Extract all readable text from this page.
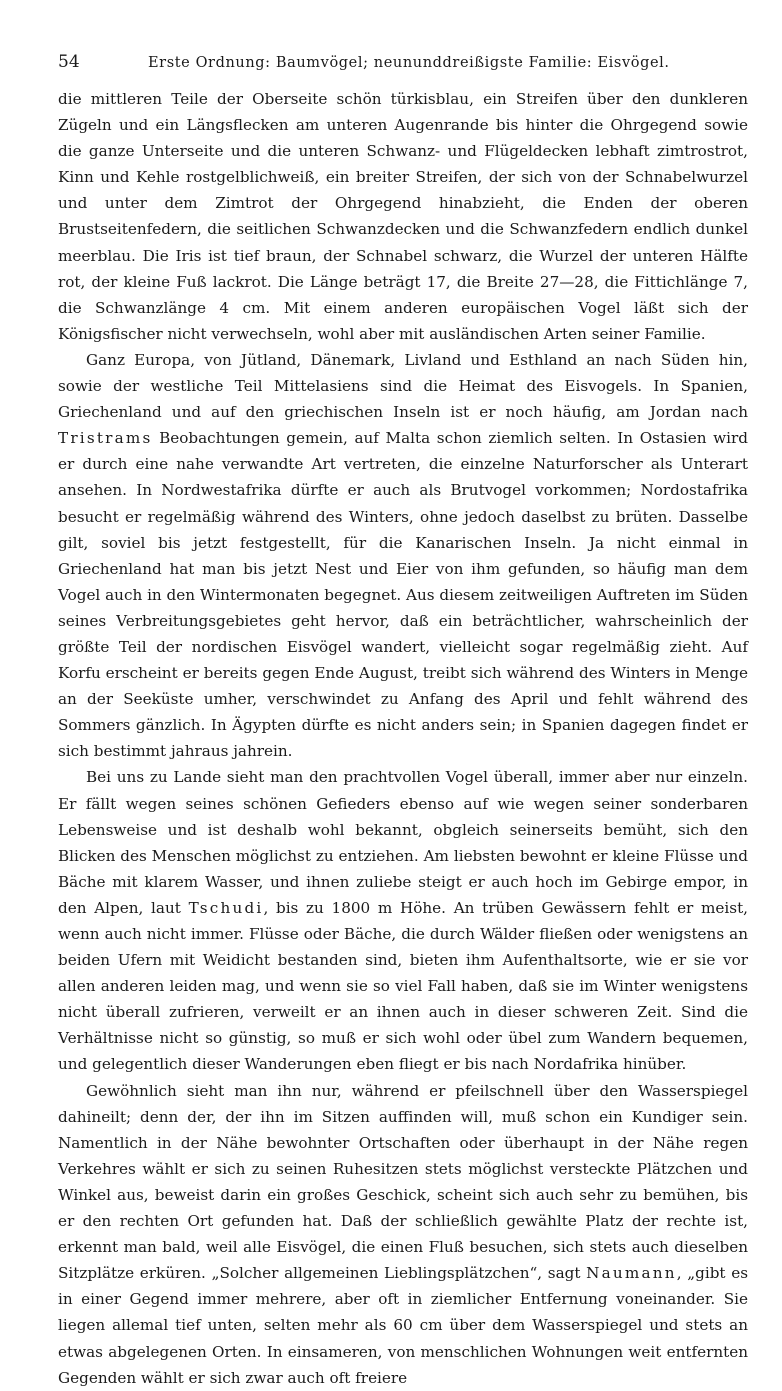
54	Erste Ordnung: Baumvögel; neununddreißigste Familie: Eisvögel.

die mittleren Teile der Oberseite schön türkisblau, ein Streifen über den dunkleren Zügeln und ein Längsflecken am unteren Augenrande bis hinter die Ohrgegend sowie die ganze Unterseite und die unteren Schwanz- und Flügeldecken lebhaft zimtrostrot, Kinn und Kehle rostgelblichweiß, ein breiter Streifen, der sich von der Schnabelwurzel und unter dem Zimtrot der Ohrgegend hinabzieht, die Enden der oberen Brustseitenfedern, die seitlichen Schwanzdecken und die Schwanzfedern endlich dunkel meerblau. Die Iris ist tief braun, der Schnabel schwarz, die Wurzel der unteren Hälfte rot, der kleine Fuß lackrot. Die Länge beträgt 17, die Breite 27—28, die Fittichlänge 7, die Schwanzlänge 4 cm. Mit einem anderen europäischen Vogel läßt sich der Königsfischer nicht verwechseln, wohl aber mit ausländischen Arten seiner Familie.

Ganz Europa, von Jütland, Dänemark, Livland und Esthland an nach Süden hin, sowie der westliche Teil Mittelasiens sind die Heimat des Eisvogels. In Spanien, Griechenland und auf den griechischen Inseln ist er noch häufig, am Jordan nach Tristrams Beobachtungen gemein, auf Malta schon ziemlich selten. In Ostasien wird er durch eine nahe verwandte Art vertreten, die einzelne Naturforscher als Unterart ansehen. In Nordwestafrika dürfte er auch als Brutvogel vorkommen; Nordostafrika besucht er regelmäßig während des Winters, ohne jedoch daselbst zu brüten. Dasselbe gilt, soviel bis jetzt festgestellt, für die Kanarischen Inseln. Ja nicht einmal in Griechenland hat man bis jetzt Nest und Eier von ihm gefunden, so häufig man dem Vogel auch in den Wintermonaten begegnet. Aus diesem zeitweiligen Auftreten im Süden seines Verbreitungsgebietes geht hervor, daß ein beträchtlicher, wahrscheinlich der größte Teil der nordischen Eisvögel wandert, vielleicht sogar regelmäßig zieht. Auf Korfu erscheint er bereits gegen Ende August, treibt sich während des Winters in Menge an der Seeküste umher, verschwindet zu Anfang des April und fehlt während des Sommers gänzlich. In Ägypten dürfte es nicht anders sein; in Spanien dagegen findet er sich bestimmt jahraus jahrein.

Bei uns zu Lande sieht man den prachtvollen Vogel überall, immer aber nur einzeln. Er fällt wegen seines schönen Gefieders ebenso auf wie wegen seiner sonderbaren Lebensweise und ist deshalb wohl bekannt, obgleich seinerseits bemüht, sich den Blicken des Menschen möglichst zu entziehen. Am liebsten bewohnt er kleine Flüsse und Bäche mit klarem Wasser, und ihnen zuliebe steigt er auch hoch im Gebirge empor, in den Alpen, laut Tschudi, bis zu 1800 m Höhe. An trüben Gewässern fehlt er meist, wenn auch nicht immer. Flüsse oder Bäche, die durch Wälder fließen oder wenigstens an beiden Ufern mit Weidicht bestanden sind, bieten ihm Aufenthaltsorte, wie er sie vor allen anderen leiden mag, und wenn sie so viel Fall haben, daß sie im Winter wenigstens nicht überall zufrieren, verweilt er an ihnen auch in dieser schweren Zeit. Sind die Verhältnisse nicht so günstig, so muß er sich wohl oder übel zum Wandern bequemen, und gelegentlich dieser Wanderungen eben fliegt er bis nach Nordafrika hinüber.

Gewöhnlich sieht man ihn nur, während er pfeilschnell über den Wasserspiegel dahineilt; denn der, der ihn im Sitzen auffinden will, muß schon ein Kundiger sein. Namentlich in der Nähe bewohnter Ortschaften oder überhaupt in der Nähe regen Verkehres wählt er sich zu seinen Ruhesitzen stets möglichst versteckte Plätzchen und Winkel aus, beweist darin ein großes Geschick, scheint sich auch sehr zu bemühen, bis er den rechten Ort gefunden hat. Daß der schließlich gewählte Platz der rechte ist, erkennt man bald, weil alle Eisvögel, die einen Fluß besuchen, sich stets auch dieselben Sitzplätze erküren. „Solcher allgemeinen Lieblingsplätzchen“, sagt Naumann, „gibt es in einer Gegend immer mehrere, aber oft in ziemlicher Entfernung voneinander. Sie liegen allemal tief unten, selten mehr als 60 cm über dem Wasserspiegel und stets an etwas abgelegenen Orten. In einsameren, von menschlichen Wohnungen weit entfernten Gegenden wählt er sich zwar auch oft freiere
